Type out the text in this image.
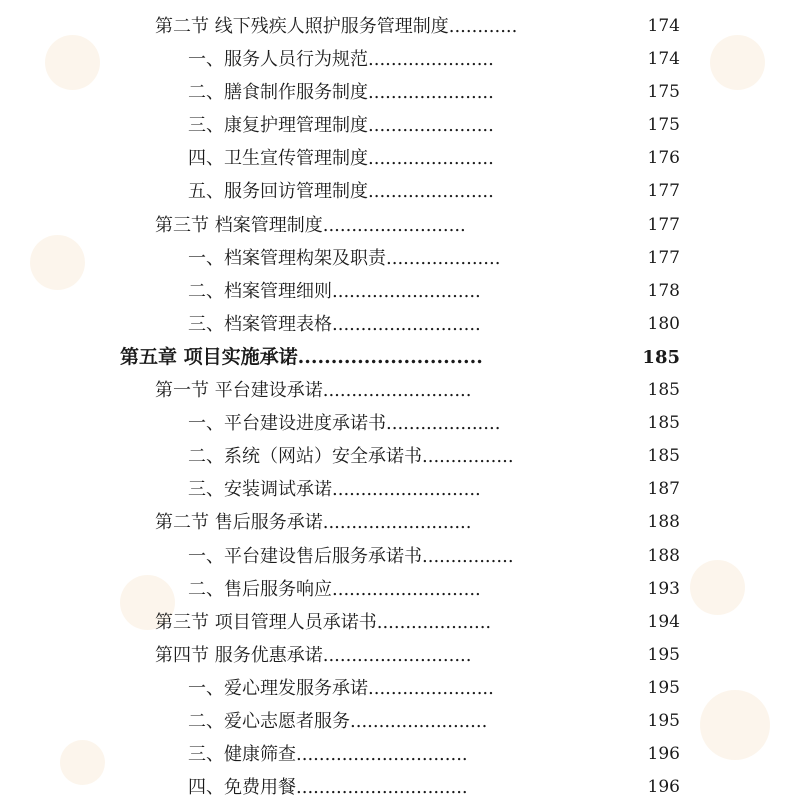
第二节 线下残疾人照护服务管理制度............	174
一、服务人员行为规范......................	174
二、膳食制作服务制度......................	175
三、康复护理管理制度......................	175
四、卫生宣传管理制度......................	176
五、服务回访管理制度......................	177
第三节 档案管理制度.........................	177
一、档案管理构架及职责....................	177
二、档案管理细则..........................	178
三、档案管理表格..........................	180
第五章 项目实施承诺............................	185
第一节 平台建设承诺..........................	185
一、平台建设进度承诺书....................	185
二、系统（网站）安全承诺书................	185
三、安装调试承诺..........................	187
第二节 售后服务承诺..........................	188
一、平台建设售后服务承诺书................	188
二、售后服务响应..........................	193
第三节 项目管理人员承诺书....................	194
第四节 服务优惠承诺..........................	195
一、爱心理发服务承诺......................	195
二、爱心志愿者服务........................	195
三、健康筛查..............................	196
四、免费用餐..............................	196
